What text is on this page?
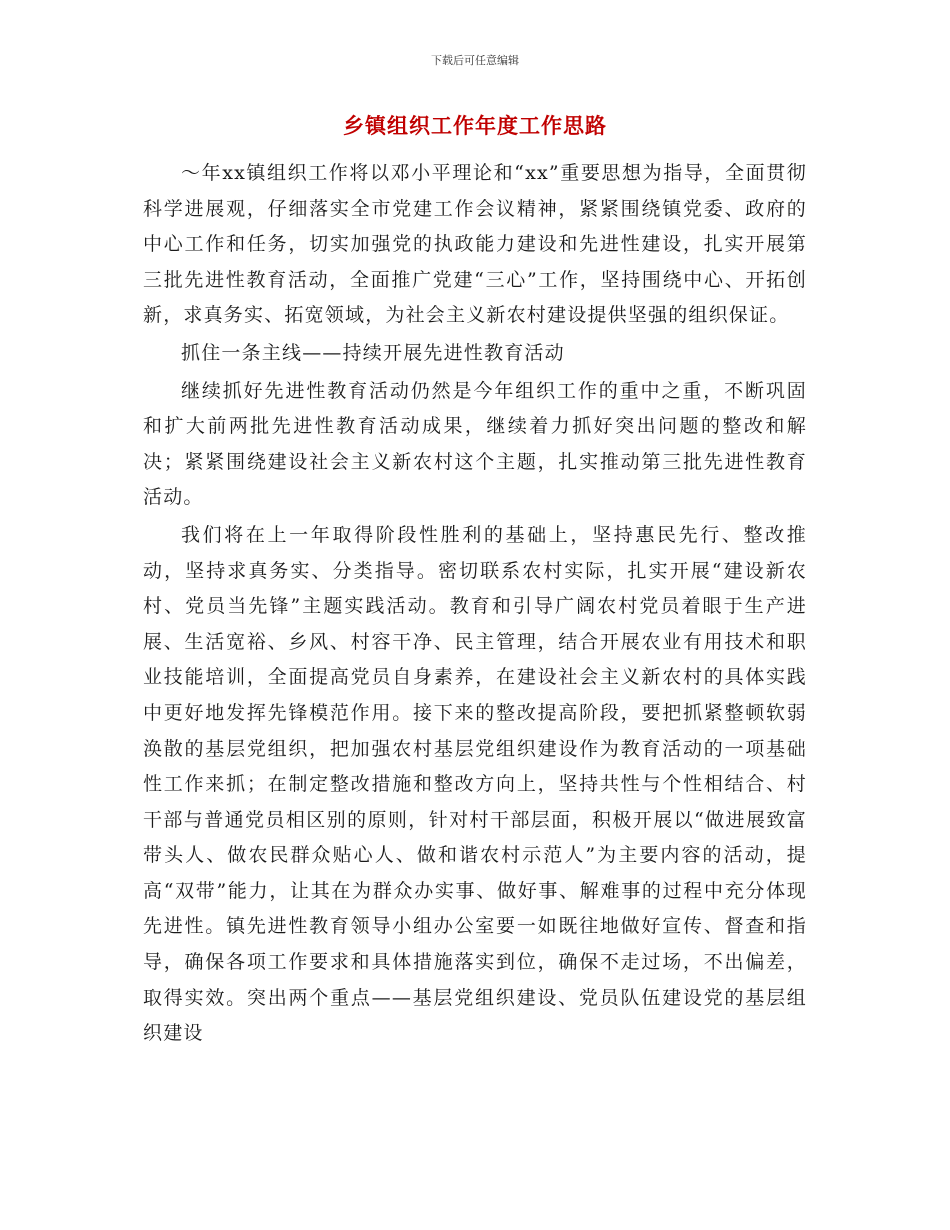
下载后可任意编辑
乡镇组织工作年度工作思路

～年xx镇组织工作将以邓小平理论和“xx”重要思想为指导，全面贯彻科学进展观，仔细落实全市党建工作会议精神，紧紧围绕镇党委、政府的中心工作和任务，切实加强党的执政能力建设和先进性建设，扎实开展第三批先进性教育活动，全面推广党建“三心”工作，坚持围绕中心、开拓创新，求真务实、拓宽领域，为社会主义新农村建设提供坚强的组织保证。

抓住一条主线——持续开展先进性教育活动

继续抓好先进性教育活动仍然是今年组织工作的重中之重，不断巩固和扩大前两批先进性教育活动成果，继续着力抓好突出问题的整改和解决；紧紧围绕建设社会主义新农村这个主题，扎实推动第三批先进性教育活动。

我们将在上一年取得阶段性胜利的基础上，坚持惠民先行、整改推动，坚持求真务实、分类指导。密切联系农村实际，扎实开展“建设新农村、党员当先锋”主题实践活动。教育和引导广阔农村党员着眼于生产进展、生活宽裕、乡风、村容干净、民主管理，结合开展农业有用技术和职业技能培训，全面提高党员自身素养，在建设社会主义新农村的具体实践中更好地发挥先锋模范作用。接下来的整改提高阶段，要把抓紧整顿软弱涣散的基层党组织，把加强农村基层党组织建设作为教育活动的一项基础性工作来抓；在制定整改措施和整改方向上，坚持共性与个性相结合、村干部与普通党员相区别的原则，针对村干部层面，积极开展以“做进展致富带头人、做农民群众贴心人、做和谐农村示范人”为主要内容的活动，提高“双带”能力，让其在为群众办实事、做好事、解难事的过程中充分体现先进性。镇先进性教育领导小组办公室要一如既往地做好宣传、督查和指导，确保各项工作要求和具体措施落实到位，确保不走过场，不出偏差，取得实效。突出两个重点——基层党组织建设、党员队伍建设党的基层组织建设
